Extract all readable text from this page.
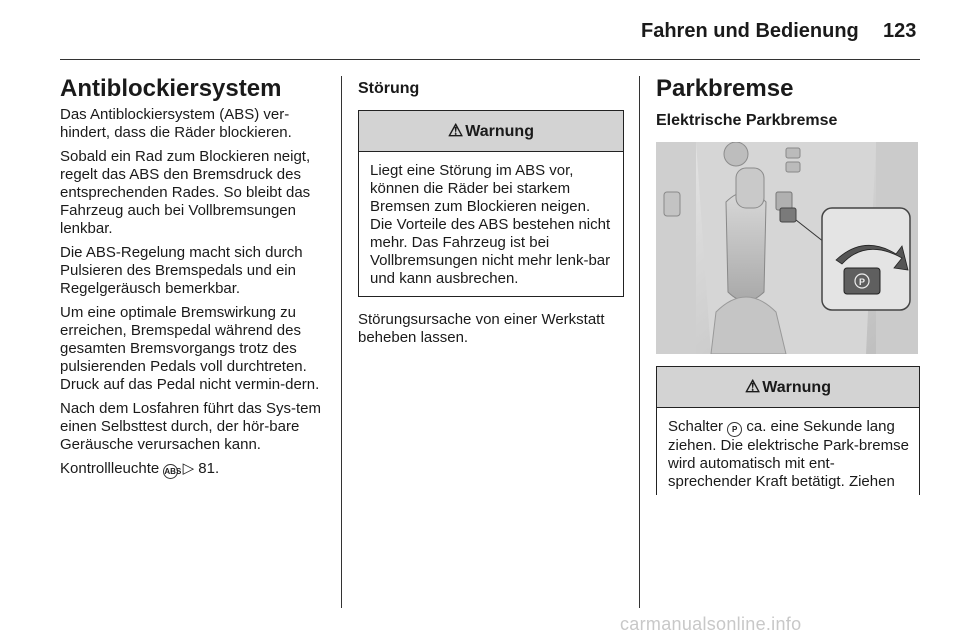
Fahren und Bedienung 123
Antiblockiersystem

Das Antiblockiersystem (ABS) ver-hindert, dass die Räder blockieren.

Sobald ein Rad zum Blockieren neigt, regelt das ABS den Bremsdruck des entsprechenden Rades. So bleibt das Fahrzeug auch bei Vollbremsungen lenkbar.

Die ABS-Regelung macht sich durch Pulsieren des Bremspedals und ein Regelgeräusch bemerkbar.

Um eine optimale Bremswirkung zu erreichen, Bremspedal während des gesamten Bremsvorgangs trotz des pulsierenden Pedals voll durchtreten. Druck auf das Pedal nicht vermin-dern.

Nach dem Losfahren führt das Sys-tem einen Selbsttest durch, der hör-bare Geräusche verursachen kann.

Kontrollleuchte ABS ▷ 81.

Störung
⚠ Warnung
Liegt eine Störung im ABS vor, können die Räder bei starkem Bremsen zum Blockieren neigen. Die Vorteile des ABS bestehen nicht mehr. Das Fahrzeug ist bei Vollbremsungen nicht mehr lenk-bar und kann ausbrechen.

Störungsursache von einer Werkstatt beheben lassen.

Parkbremse
Elektrische Parkbremse
P
⚠ Warnung
Schalter P ca. eine Sekunde lang ziehen. Die elektrische Park-bremse wird automatisch mit ent-sprechender Kraft betätigt. Ziehen
carmanualsonline.info
